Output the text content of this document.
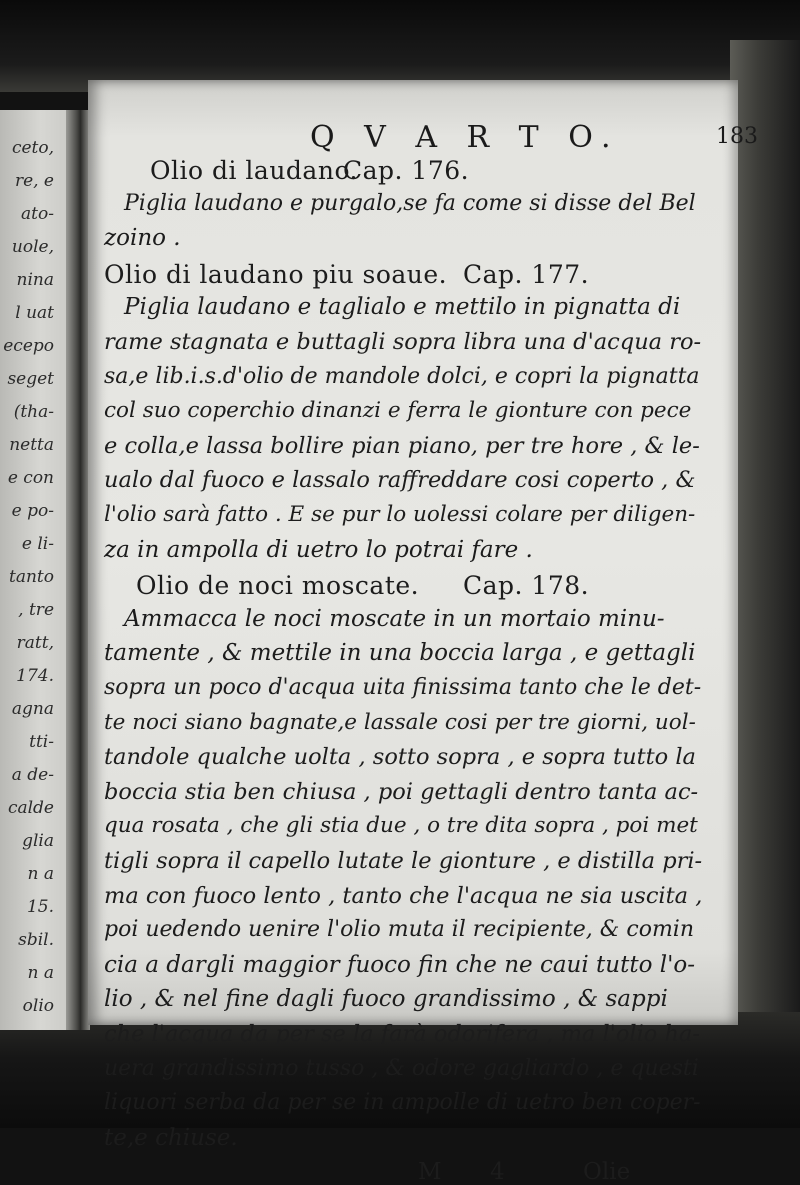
ceto,
re, e
ato-
uole,
nina
l uat
ecepo
seget
(tha-
netta
e con
e po-
e li-
tanto
, tre
ratt,
174.
agna
tti-
a de-
calde
glia
n a
15.
sbil.
n a
olio
Q V A R T O.	183
Olio di laudano.
Cap. 176.
Piglia laudano e purgalo,se fa come si disse del Bel
zoino .
Olio di laudano piu soaue. Cap. 177.
Piglia laudano e taglialo e mettilo in pignatta di
rame stagnata e buttagli sopra libra una d'acqua ro-
sa,e lib.i.s.d'olio de mandole dolci, e copri la pignatta
col suo coperchio dinanzi e ferra le gionture con pece
e colla,e lassa bollire pian piano, per tre hore , & le-
ualo dal fuoco e lassalo raffreddare cosi coperto , &
l'olio sarà fatto . E se pur lo uolessi colare per diligen-
za in ampolla di uetro lo potrai fare .
Olio de noci moscate. Cap. 178.
Ammacca le noci moscate in un mortaio minu-
tamente , & mettile in una boccia larga , e gettagli
sopra un poco d'acqua uita finissima tanto che le det-
te noci siano bagnate,e lassale cosi per tre giorni, uol-
tandole qualche uolta , sotto sopra , e sopra tutto la
boccia stia ben chiusa , poi gettagli dentro tanta ac-
qua rosata , che gli stia due , o tre dita sopra , poi met
tigli sopra il capello lutate le gionture , e distilla pri-
ma con fuoco lento , tanto che l'acqua ne sia uscita ,
poi uedendo uenire l'olio muta il recipiente, & comin
cia a dargli maggior fuoco fin che ne caui tutto l'o-
lio , & nel fine dagli fuoco grandissimo , & sappi
che l'acqua da per se la farà odorifera , ma l'olio ha-
uera grandissimo tusso , & odore gagliardo , e questi
liquori serba da per se in ampolle di uetro ben coper-
te,e chiuse.
M 4	Olie
